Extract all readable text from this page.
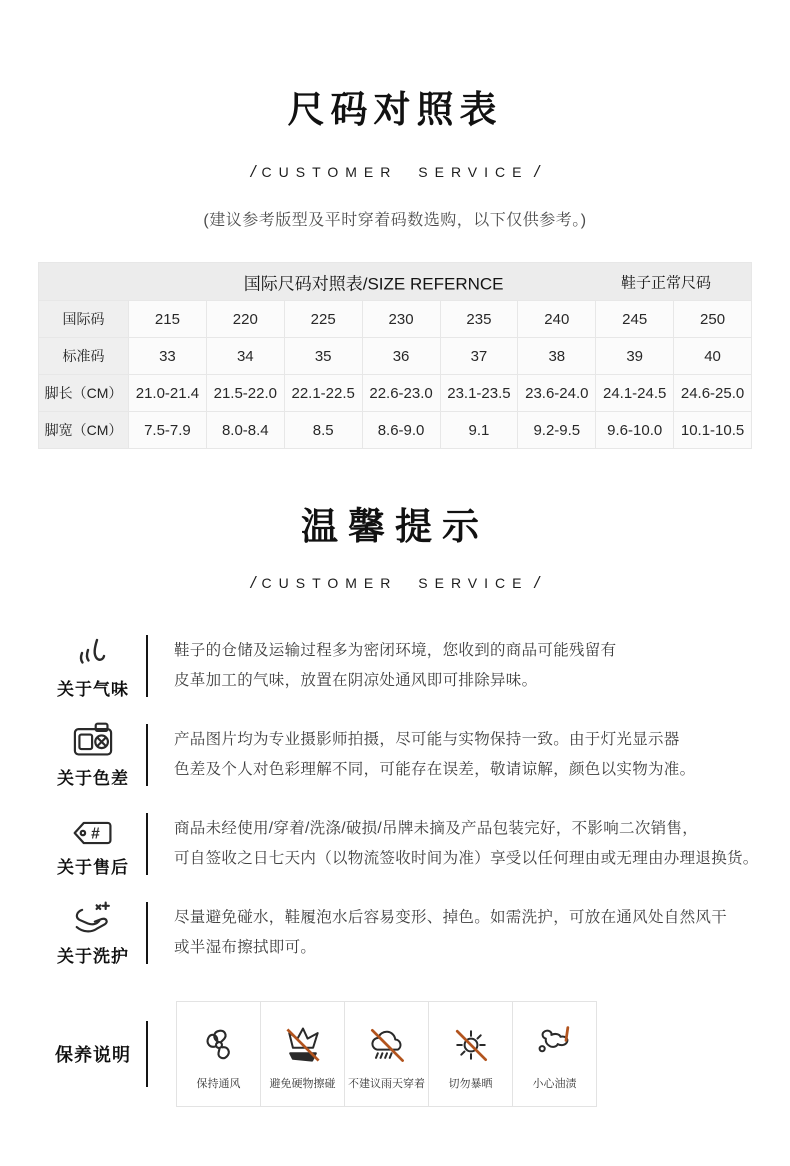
尺码对照表
/ CUSTOMER SERVICE /
(建议参考版型及平时穿着码数选购，以下仅供参考。)
国际尺码对照表/SIZE REFERNCE	鞋子正常尺码
国际码	215	220	225	230	235	240	245	250
标准码	33	34	35	36	37	38	39	40
脚长（CM）	21.0-21.4	21.5-22.0	22.1-22.5	22.6-23.0	23.1-23.5	23.6-24.0	24.1-24.5	24.6-25.0
脚宽（CM）	7.5-7.9	8.0-8.4	8.5	8.6-9.0	9.1	9.2-9.5	9.6-10.0	10.1-10.5
温馨提示
/ CUSTOMER SERVICE /
关于气味
鞋子的仓储及运输过程多为密闭环境，您收到的商品可能残留有
皮革加工的气味，放置在阴凉处通风即可排除异味。
关于色差
产品图片均为专业摄影师拍摄，尽可能与实物保持一致。由于灯光显示器
色差及个人对色彩理解不同，可能存在误差，敬请谅解，颜色以实物为准。
#
关于售后
商品未经使用/穿着/洗涤/破损/吊牌未摘及产品包装完好，不影响二次销售，
可自签收之日七天内（以物流签收时间为准）享受以任何理由或无理由办理退换货。
关于洗护
尽量避免碰水，鞋履泡水后容易变形、掉色。如需洗护，可放在通风处自然风干
或半湿布擦拭即可。
保养说明
保持通风	避免硬物擦碰 不建议雨天穿着 切勿暴晒	小心油渍
